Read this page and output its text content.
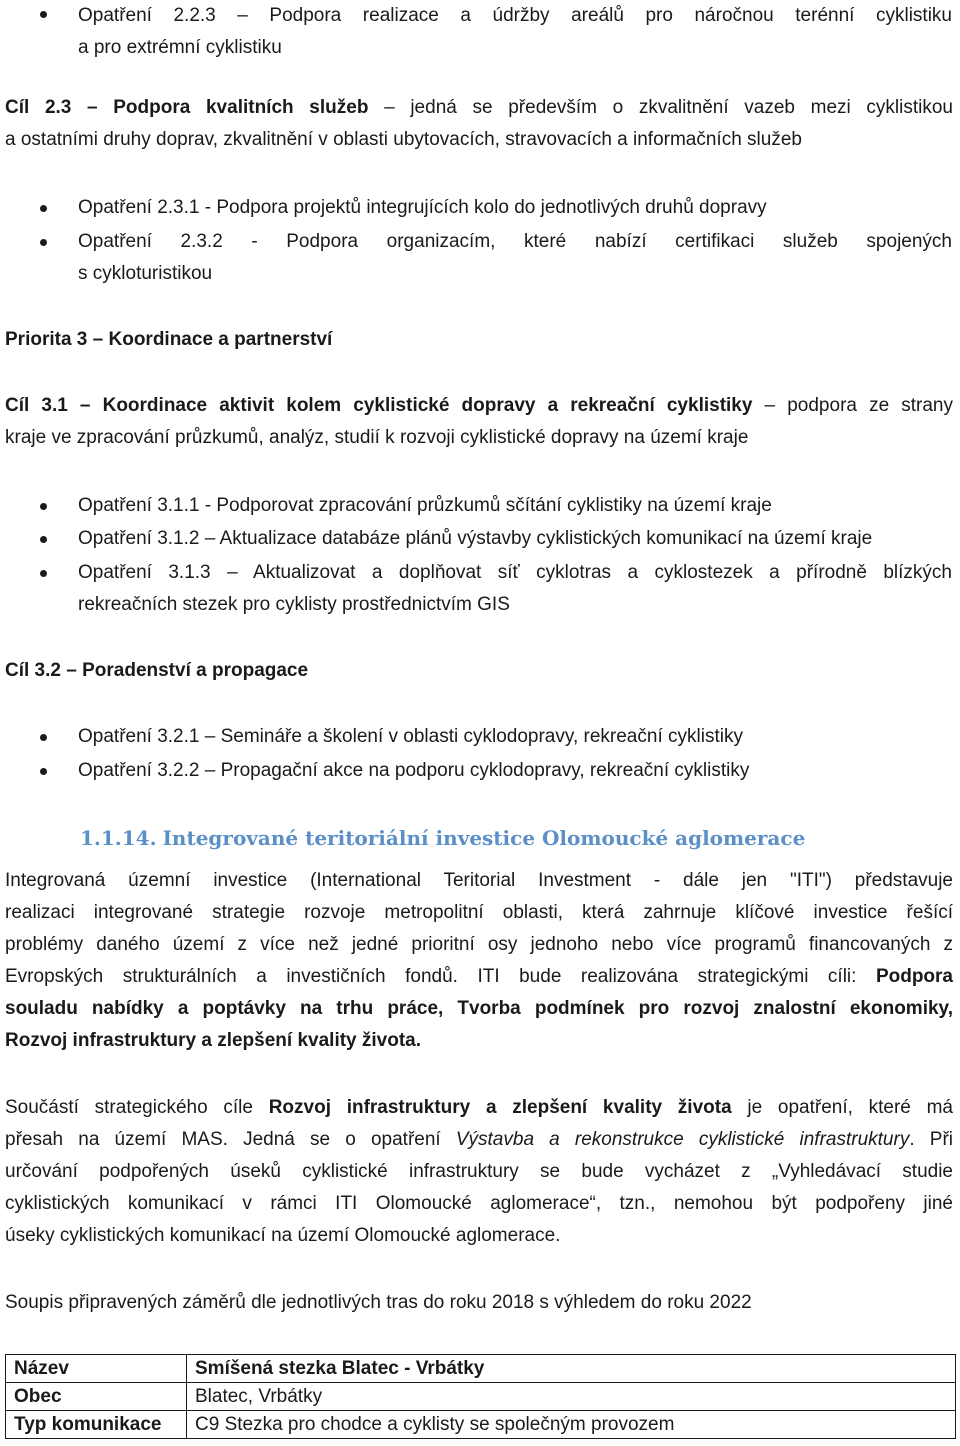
Opatření 2.2.3 – Podpora realizace a údržby areálů pro náročnou terénní cyklistiku
a pro extrémní cyklistiku
Cíl 2.3 – Podpora kvalitních služeb – jedná se především o zkvalitnění vazeb mezi cyklistikou
a ostatními druhy doprav, zkvalitnění v oblasti ubytovacích, stravovacích a informačních služeb
Opatření 2.3.1 - Podpora projektů integrujících kolo do jednotlivých druhů dopravy
Opatření 2.3.2 - Podpora organizacím, které nabízí certifikaci služeb spojených
s cykloturistikou
Priorita 3 – Koordinace a partnerství
Cíl 3.1 – Koordinace aktivit kolem cyklistické dopravy a rekreační cyklistiky – podpora ze strany
kraje ve zpracování průzkumů, analýz, studií k rozvoji cyklistické dopravy na území kraje
Opatření 3.1.1 - Podporovat zpracování průzkumů sčítání cyklistiky na území kraje
Opatření 3.1.2 – Aktualizace databáze plánů výstavby cyklistických komunikací na území kraje
Opatření 3.1.3 – Aktualizovat a doplňovat síť cyklotras a cyklostezek a přírodně blízkých
rekreačních stezek pro cyklisty prostřednictvím GIS
Cíl 3.2 – Poradenství a propagace
Opatření 3.2.1 – Semináře a školení v oblasti cyklodopravy, rekreační cyklistiky
Opatření 3.2.2 – Propagační akce na podporu cyklodopravy, rekreační cyklistiky
1.1.14. Integrované teritoriální investice Olomoucké aglomerace
Integrovaná územní investice (International Teritorial Investment - dále jen "ITI") představuje
realizaci integrované strategie rozvoje metropolitní oblasti, která zahrnuje klíčové investice řešící
problémy daného území z více než jedné prioritní osy jednoho nebo více programů financovaných z
Evropských strukturálních a investičních fondů. ITI bude realizována strategickými cíli: Podpora
souladu nabídky a poptávky na trhu práce, Tvorba podmínek pro rozvoj znalostní ekonomiky,
Rozvoj infrastruktury a zlepšení kvality života.
Součástí strategického cíle Rozvoj infrastruktury a zlepšení kvality života je opatření, které má
přesah na území MAS. Jedná se o opatření Výstavba a rekonstrukce cyklistické infrastruktury. Při
určování podpořených úseků cyklistické infrastruktury se bude vycházet z „Vyhledávací studie
cyklistických komunikací v rámci ITI Olomoucké aglomerace“, tzn., nemohou být podpořeny jiné
úseky cyklistických komunikací na území Olomoucké aglomerace.
Soupis připravených záměrů dle jednotlivých tras do roku 2018 s výhledem do roku 2022
Název	Smíšená stezka Blatec - Vrbátky
Obec	Blatec, Vrbátky
Typ komunikace	C9 Stezka pro chodce a cyklisty se společným provozem
